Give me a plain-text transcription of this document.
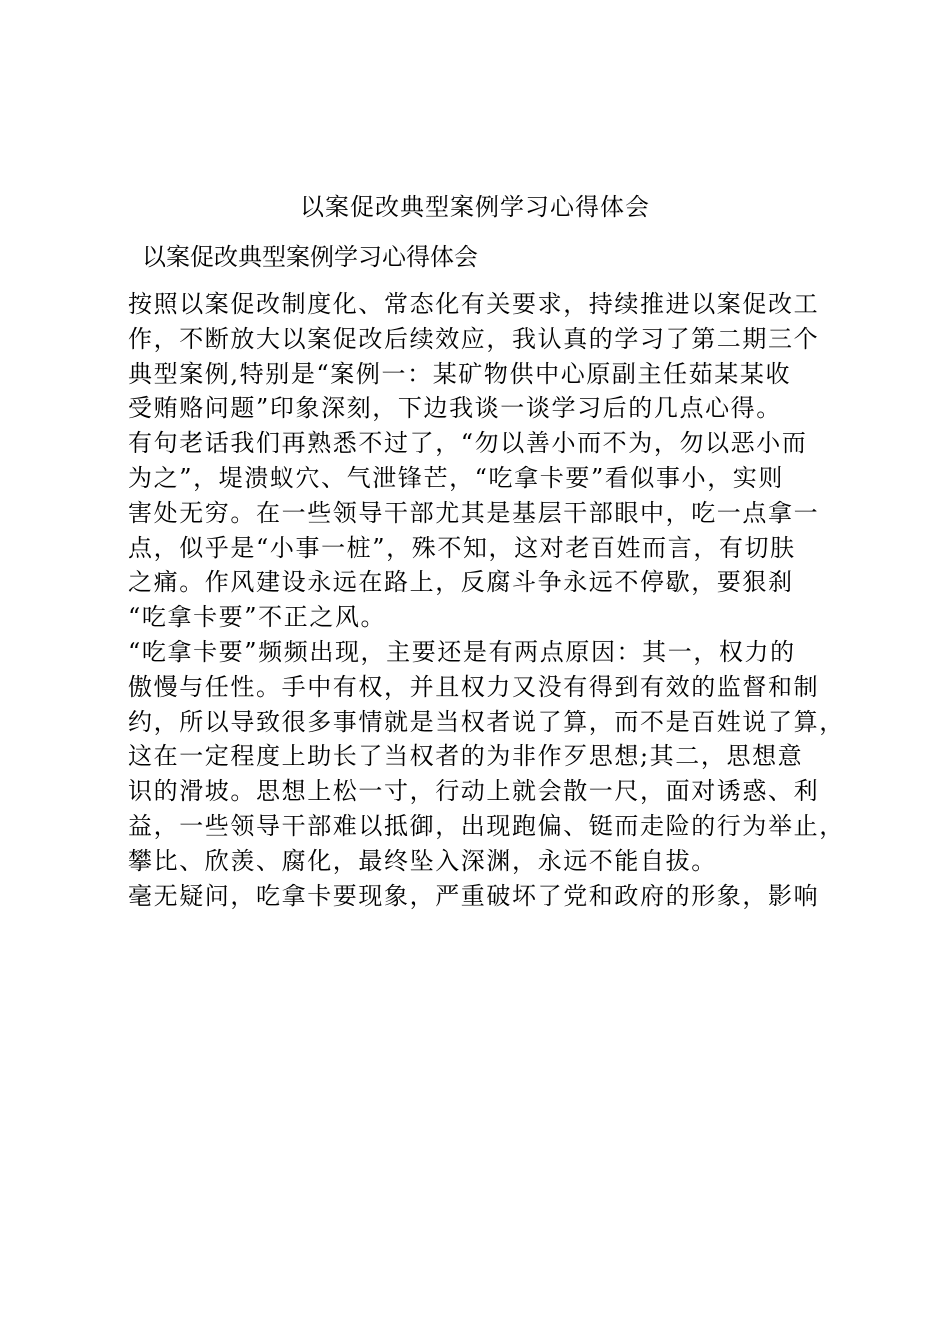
以案促改典型案例学习心得体会
以案促改典型案例学习心得体会

按照以案促改制度化、常态化有关要求，持续推进以案促改工
作，不断放大以案促改后续效应，我认真的学习了第二期三个
典型案例,特别是“案例一：某矿物供中心原副主任茹某某收
受贿赂问题”印象深刻，下边我谈一谈学习后的几点心得。

有句老话我们再熟悉不过了，“勿以善小而不为，勿以恶小而
为之”，堤溃蚁穴、气泄锋芒，“吃拿卡要”看似事小，实则
害处无穷。在一些领导干部尤其是基层干部眼中，吃一点拿一
点，似乎是“小事一桩”，殊不知，这对老百姓而言，有切肤
之痛。作风建设永远在路上，反腐斗争永远不停歇，要狠刹
“吃拿卡要”不正之风。

“吃拿卡要”频频出现，主要还是有两点原因：其一，权力的
傲慢与任性。手中有权，并且权力又没有得到有效的监督和制
约，所以导致很多事情就是当权者说了算，而不是百姓说了算，
这在一定程度上助长了当权者的为非作歹思想;其二，思想意
识的滑坡。思想上松一寸，行动上就会散一尺，面对诱惑、利
益，一些领导干部难以抵御，出现跑偏、铤而走险的行为举止，
攀比、欣羡、腐化，最终坠入深渊，永远不能自拔。

毫无疑问，吃拿卡要现象，严重破坏了党和政府的形象，影响
